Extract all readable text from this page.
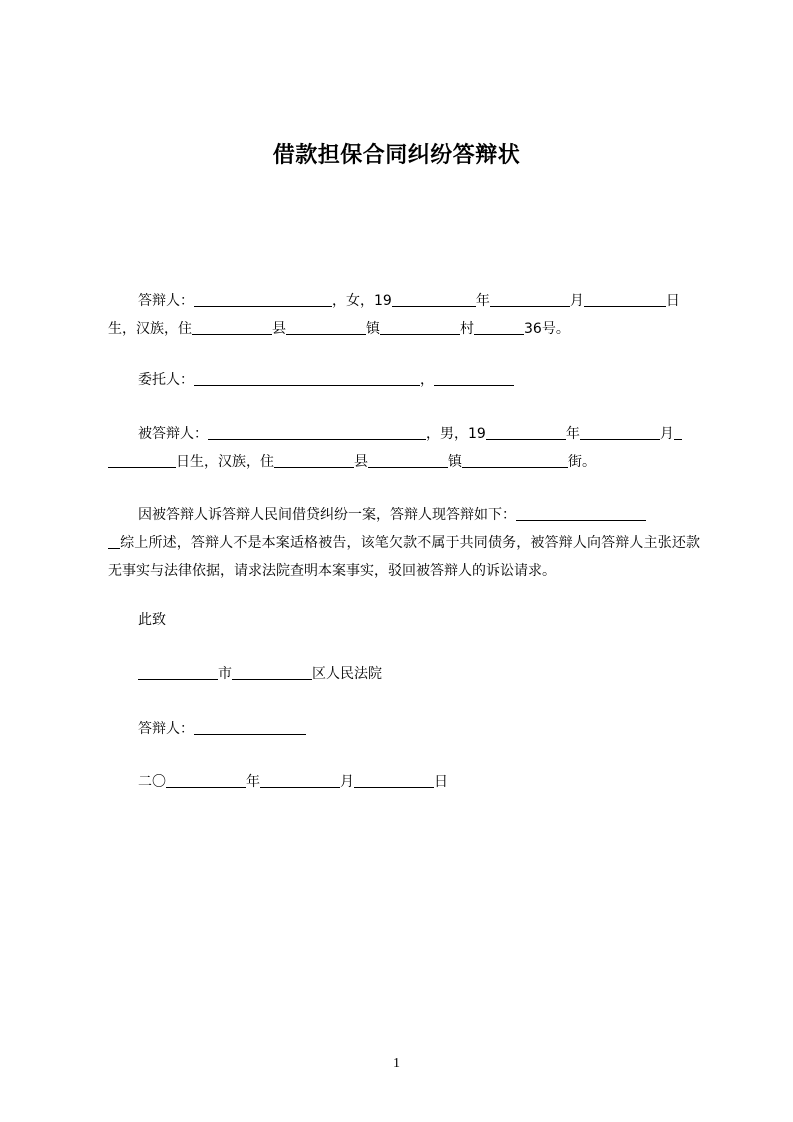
借款担保合同纠纷答辩状
答辩人：	，女，19	年	月	日
生，汉族，住	县	镇	村	36号。
委托人：	，
被答辩人：	，男，19	年	月
日生，汉族，住	县	镇	街。
因被答辩人诉答辩人民间借贷纠纷一案，答辩人现答辩如下：
综上所述，答辩人不是本案适格被告，该笔欠款不属于共同债务，被答辩人向答辩人主张还款无事实与法律依据，请求法院查明本案事实，驳回被答辩人的诉讼请求。
此致
市	区人民法院
答辩人：
二〇	年	月	日
1
